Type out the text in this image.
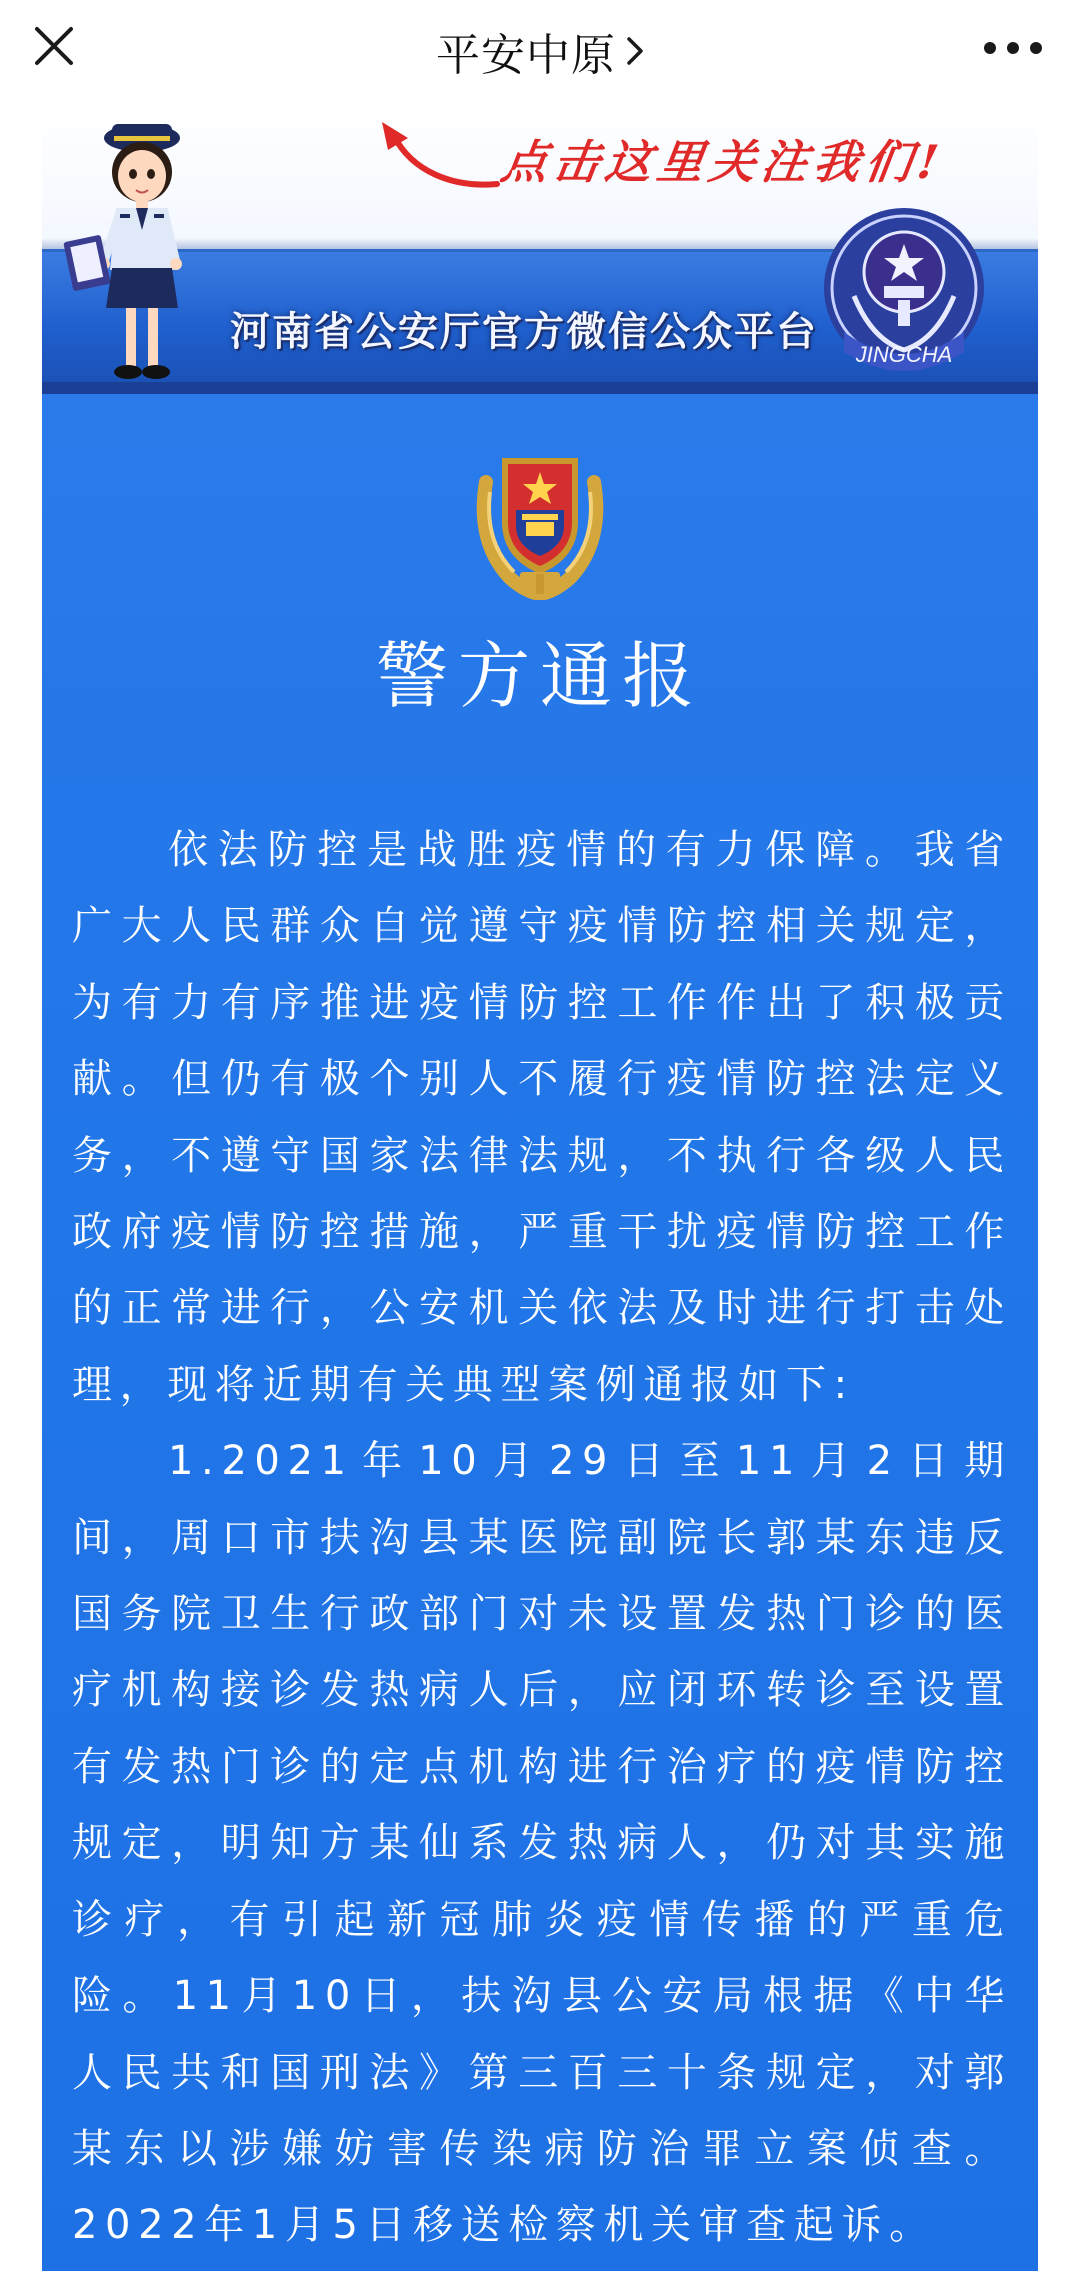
平安中原
点击这里关注我们!
河南省公安厅官方微信公众平台 JINGCHA
警方通报

依法防控是战胜疫情的有力保障。我省广大人民群众自觉遵守疫情防控相关规定，为有力有序推进疫情防控工作作出了积极贡献。但仍有极个别人不履行疫情防控法定义务，不遵守国家法律法规，不执行各级人民政府疫情防控措施，严重干扰疫情防控工作的正常进行，公安机关依法及时进行打击处理，现将近期有关典型案例通报如下:

1.2021年10月29日至11月2日期间，周口市扶沟县某医院副院长郭某东违反国务院卫生行政部门对未设置发热门诊的医疗机构接诊发热病人后，应闭环转诊至设置有发热门诊的定点机构进行治疗的疫情防控规定，明知方某仙系发热病人，仍对其实施诊疗，有引起新冠肺炎疫情传播的严重危险。11月10日，扶沟县公安局根据《中华人民共和国刑法》第三百三十条规定，对郭某东以涉嫌妨害传染病防治罪立案侦查。2022年1月5日移送检察机关审查起诉。
